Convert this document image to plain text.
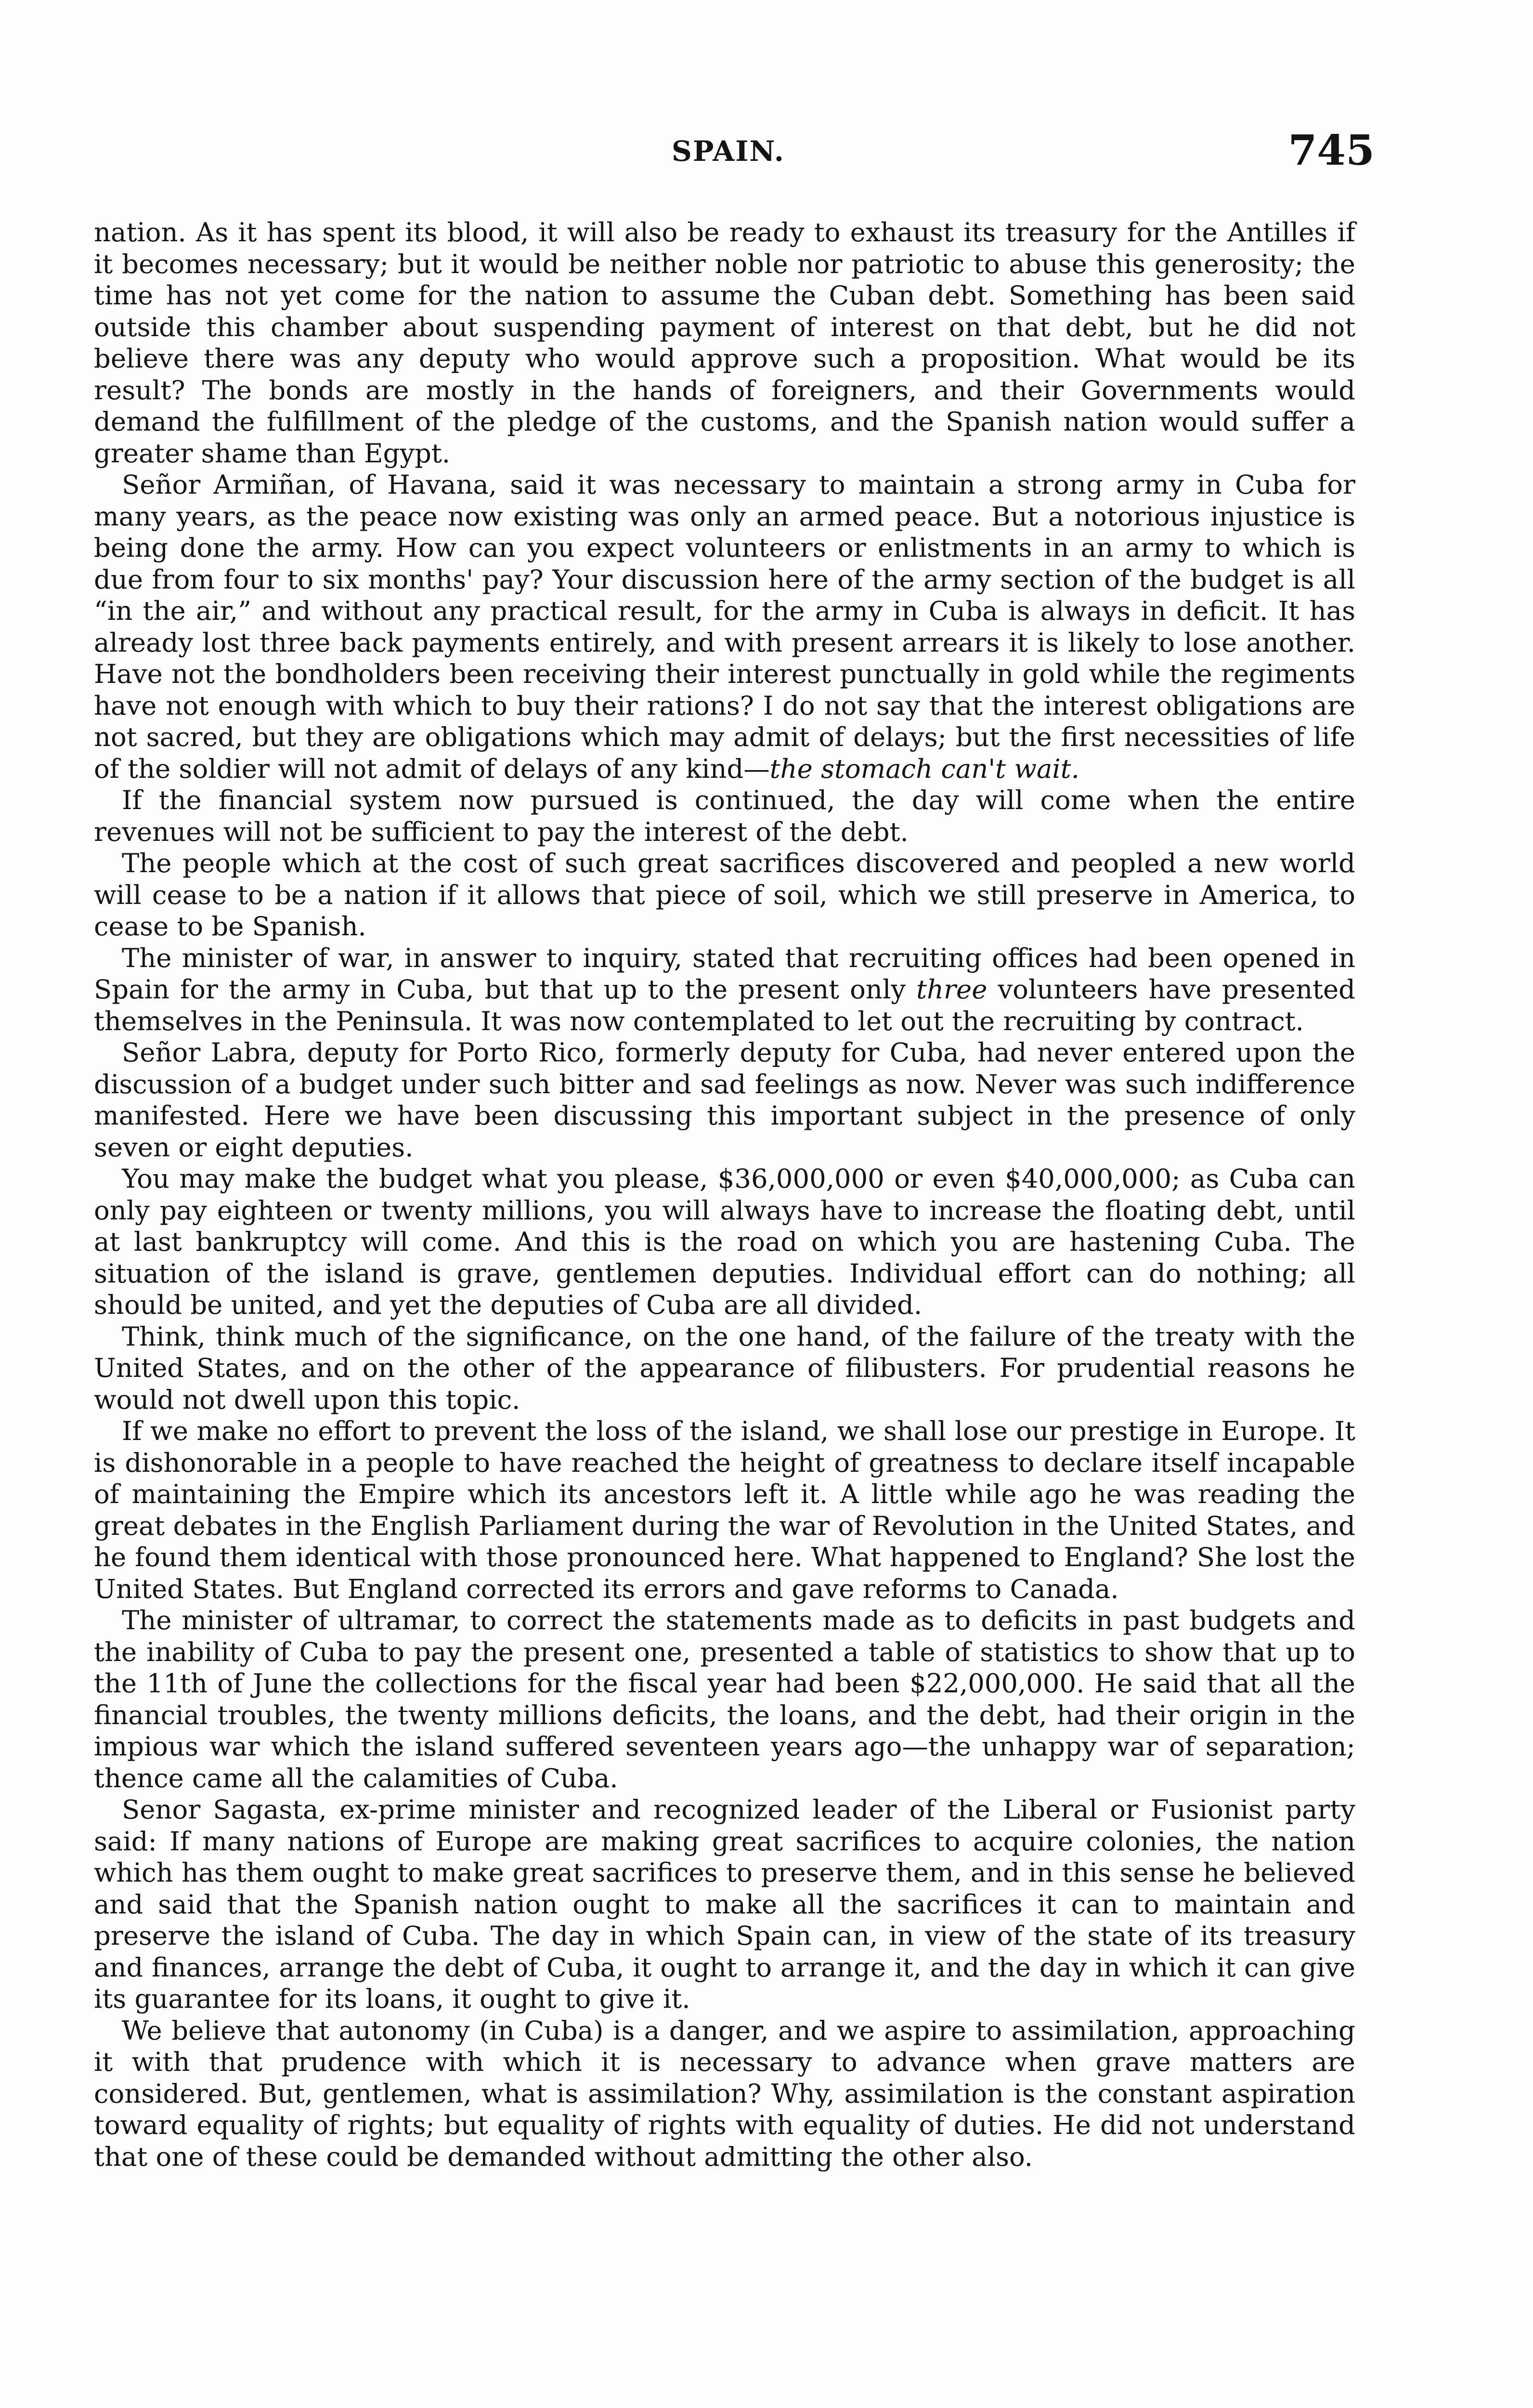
SPAIN.	745

nation. As it has spent its blood, it will also be ready to exhaust its treasury for the Antilles if it becomes necessary; but it would be neither noble nor patriotic to abuse this generosity; the time has not yet come for the nation to assume the Cuban debt. Something has been said outside this chamber about suspending payment of interest on that debt, but he did not believe there was any deputy who would approve such a proposition. What would be its result? The bonds are mostly in the hands of foreigners, and their Governments would demand the fulfillment of the pledge of the customs, and the Spanish nation would suffer a greater shame than Egypt.

Señor Armiñan, of Havana, said it was necessary to maintain a strong army in Cuba for many years, as the peace now existing was only an armed peace. But a notorious injustice is being done the army. How can you expect volunteers or enlistments in an army to which is due from four to six months' pay? Your discussion here of the army section of the budget is all “in the air,” and without any practical result, for the army in Cuba is always in deficit. It has already lost three back payments entirely, and with present arrears it is likely to lose another. Have not the bondholders been receiving their interest punctually in gold while the regiments have not enough with which to buy their rations? I do not say that the interest obligations are not sacred, but they are obligations which may admit of delays; but the first necessities of life of the soldier will not admit of delays of any kind—the stomach can't wait.

If the financial system now pursued is continued, the day will come when the entire revenues will not be sufficient to pay the interest of the debt.

The people which at the cost of such great sacrifices discovered and peopled a new world will cease to be a nation if it allows that piece of soil, which we still preserve in America, to cease to be Spanish.

The minister of war, in answer to inquiry, stated that recruiting offices had been opened in Spain for the army in Cuba, but that up to the present only three volunteers have presented themselves in the Peninsula. It was now contemplated to let out the recruiting by contract.

Señor Labra, deputy for Porto Rico, formerly deputy for Cuba, had never entered upon the discussion of a budget under such bitter and sad feelings as now. Never was such indifference manifested. Here we have been discussing this important subject in the presence of only seven or eight deputies.

You may make the budget what you please, $36,000,000 or even $40,000,000; as Cuba can only pay eighteen or twenty millions, you will always have to increase the floating debt, until at last bankruptcy will come. And this is the road on which you are hastening Cuba. The situation of the island is grave, gentlemen deputies. Individual effort can do nothing; all should be united, and yet the deputies of Cuba are all divided.

Think, think much of the significance, on the one hand, of the failure of the treaty with the United States, and on the other of the appearance of filibusters. For prudential reasons he would not dwell upon this topic.

If we make no effort to prevent the loss of the island, we shall lose our prestige in Europe. It is dishonorable in a people to have reached the height of greatness to declare itself incapable of maintaining the Empire which its ancestors left it. A little while ago he was reading the great debates in the English Parliament during the war of Revolution in the United States, and he found them identical with those pronounced here. What happened to England? She lost the United States. But England corrected its errors and gave reforms to Canada.

The minister of ultramar, to correct the statements made as to deficits in past budgets and the inability of Cuba to pay the present one, presented a table of statistics to show that up to the 11th of June the collections for the fiscal year had been $22,000,000. He said that all the financial troubles, the twenty millions deficits, the loans, and the debt, had their origin in the impious war which the island suffered seventeen years ago—the unhappy war of separation; thence came all the calamities of Cuba.

Senor Sagasta, ex-prime minister and recognized leader of the Liberal or Fusionist party said: If many nations of Europe are making great sacrifices to acquire colonies, the nation which has them ought to make great sacrifices to preserve them, and in this sense he believed and said that the Spanish nation ought to make all the sacrifices it can to maintain and preserve the island of Cuba. The day in which Spain can, in view of the state of its treasury and finances, arrange the debt of Cuba, it ought to arrange it, and the day in which it can give its guarantee for its loans, it ought to give it.

We believe that autonomy (in Cuba) is a danger, and we aspire to assimilation, approaching it with that prudence with which it is necessary to advance when grave matters are considered. But, gentlemen, what is assimilation? Why, assimilation is the constant aspiration toward equality of rights; but equality of rights with equality of duties. He did not understand that one of these could be demanded without admitting the other also.
